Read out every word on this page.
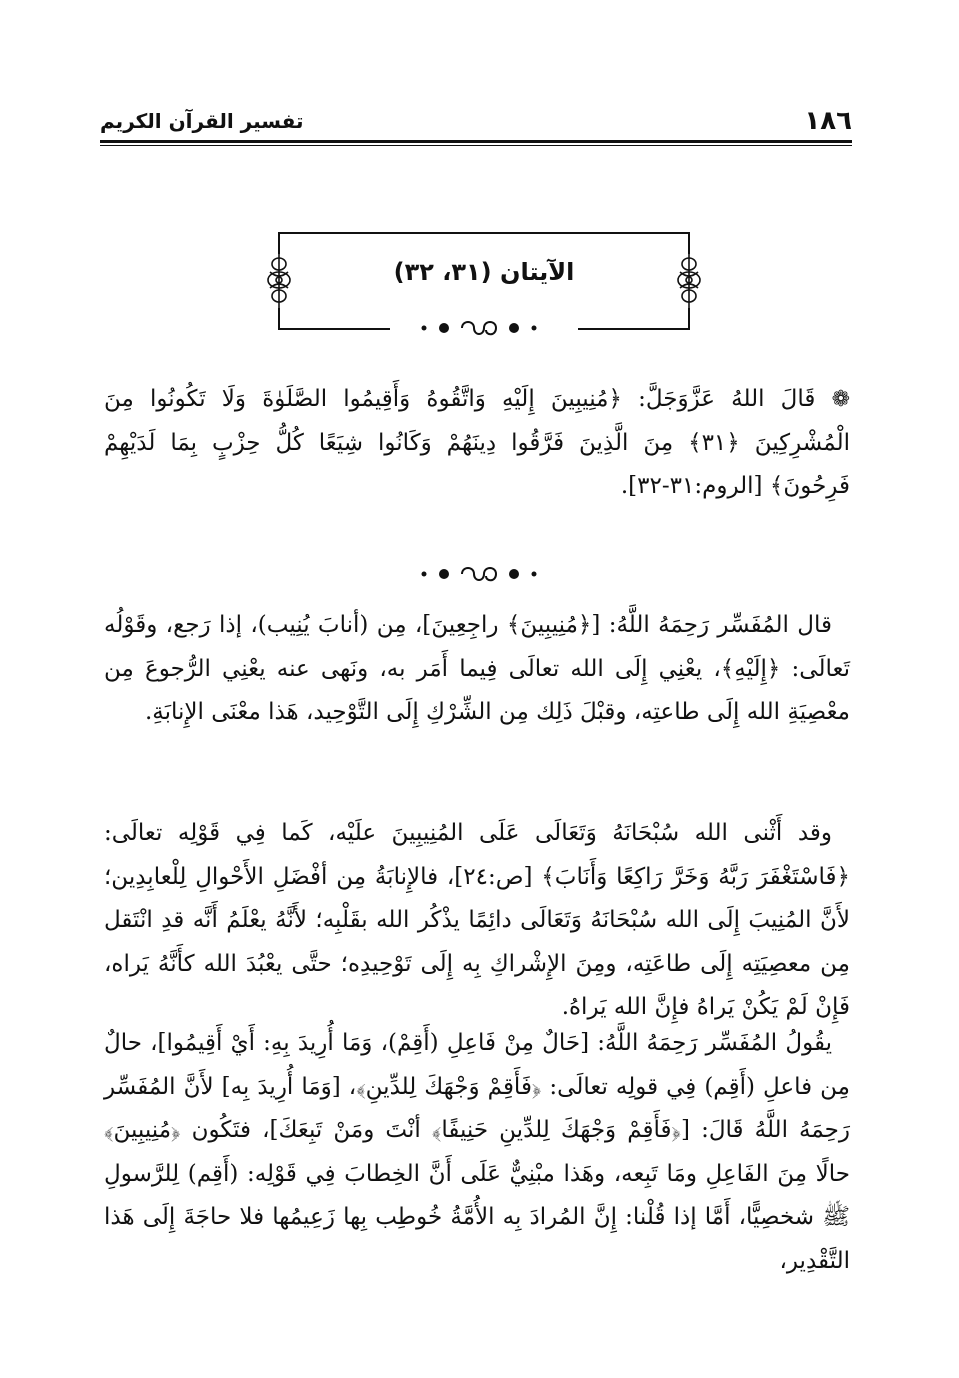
١٨٦
تفسير القرآن الكريم
الآيتان (٣١، ٣٢)
❁ قَالَ اللهُ عَزَّوَجَلَّ: ﴿مُنِيبِينَ إِلَيْهِ وَاتَّقُوهُ وَأَقِيمُوا الصَّلَوٰةَ وَلَا تَكُونُوا مِنَ الْمُشْرِكِينَ ﴿٣١﴾ مِنَ الَّذِينَ فَرَّقُوا دِينَهُمْ وَكَانُوا شِيَعًا كُلُّ حِزْبٍ بِمَا لَدَيْهِمْ فَرِحُونَ﴾ [الروم:٣١-٣٢].
قال المُفَسِّر رَحِمَهُ اللَّهُ: [﴿مُنِيبِينَ﴾ راجِعِينَ]، مِن (أنابَ يُنِيب)، إذا رَجع، وقَوْلُه تَعالَى: ﴿إِلَيْهِ﴾، يعْنِي إِلَى الله تعالَى فِيما أَمَر به، ونَهى عنه يعْنِي الرُّجوعَ مِن معْصِيَةِ الله إِلَى طاعتِه، وقبْلَ ذَلِك مِن الشِّرْكِ إِلَى التَّوْحِيد، هَذا معْنَى الإِنابَةِ.
وقد أَثْنى الله سُبْحَانَهُ وَتَعَالَى عَلَى المُنِيبِينَ علَيْه، كَما فِي قَوْلِه تعالَى: ﴿فَاسْتَغْفَرَ رَبَّهُ وَخَرَّ رَاكِعًا وَأَنَابَ﴾ [ص:٢٤]، فالإِنابَةُ مِن أفْضَلِ الأَحْوالِ لِلْعابِدِين؛ لأَنَّ المُنِيبَ إِلَى الله سُبْحَانَهُ وَتَعَالَى دائِمًا يذْكُر الله بقَلْبِه؛ لأَنَّهُ يعْلَمُ أَنَّه قدِ انْتَقل مِن معصِيَتِه إِلَى طاعَتِه، ومِنَ الإِشْراكِ بِه إِلَى تَوْحِيدِه؛ حتَّى يعْبُدَ الله كأَنَّهُ يَراه، فَإِنْ لَمْ يَكُنْ يَراهُ فإِنَّ الله يَراهُ.
يقُولُ المُفَسِّر رَحِمَهُ اللَّهُ: [حَالٌ مِنْ فَاعِلِ (أَقِمْ)، وَمَا أُرِيدَ بِهِ: أَيْ أَقِيمُوا]، حالٌ مِن فاعلِ (أَقِم) فِي قولِه تعالَى: ﴿فَأَقِمْ وَجْهَكَ لِلدِّينِ﴾، [وَمَا أُرِيدَ بِه] لأَنَّ المُفَسِّر رَحِمَهُ اللَّهُ قَالَ: [﴿فَأَقِمْ وَجْهَكَ لِلدِّينِ حَنِيفًا﴾ أنْتَ ومَنْ تَبِعَكَ]، فتَكُون ﴿مُنِيبِينَ﴾ حالًا مِنَ الفَاعِلِ ومَا تَبِعه، وهَذا مبْنِيٌّ عَلَى أَنَّ الخِطابَ فِي قَوْلِه: (أَقِم) لِلرَّسولِ ﷺ شخصِيًّا، أَمَّا إذا قُلْنا: إِنَّ المُرادَ بِه الأُمَّةُ خُوطِب بِها زَعِيمُها فلا حاجَةَ إِلَى هَذا التَّقْدِير،
